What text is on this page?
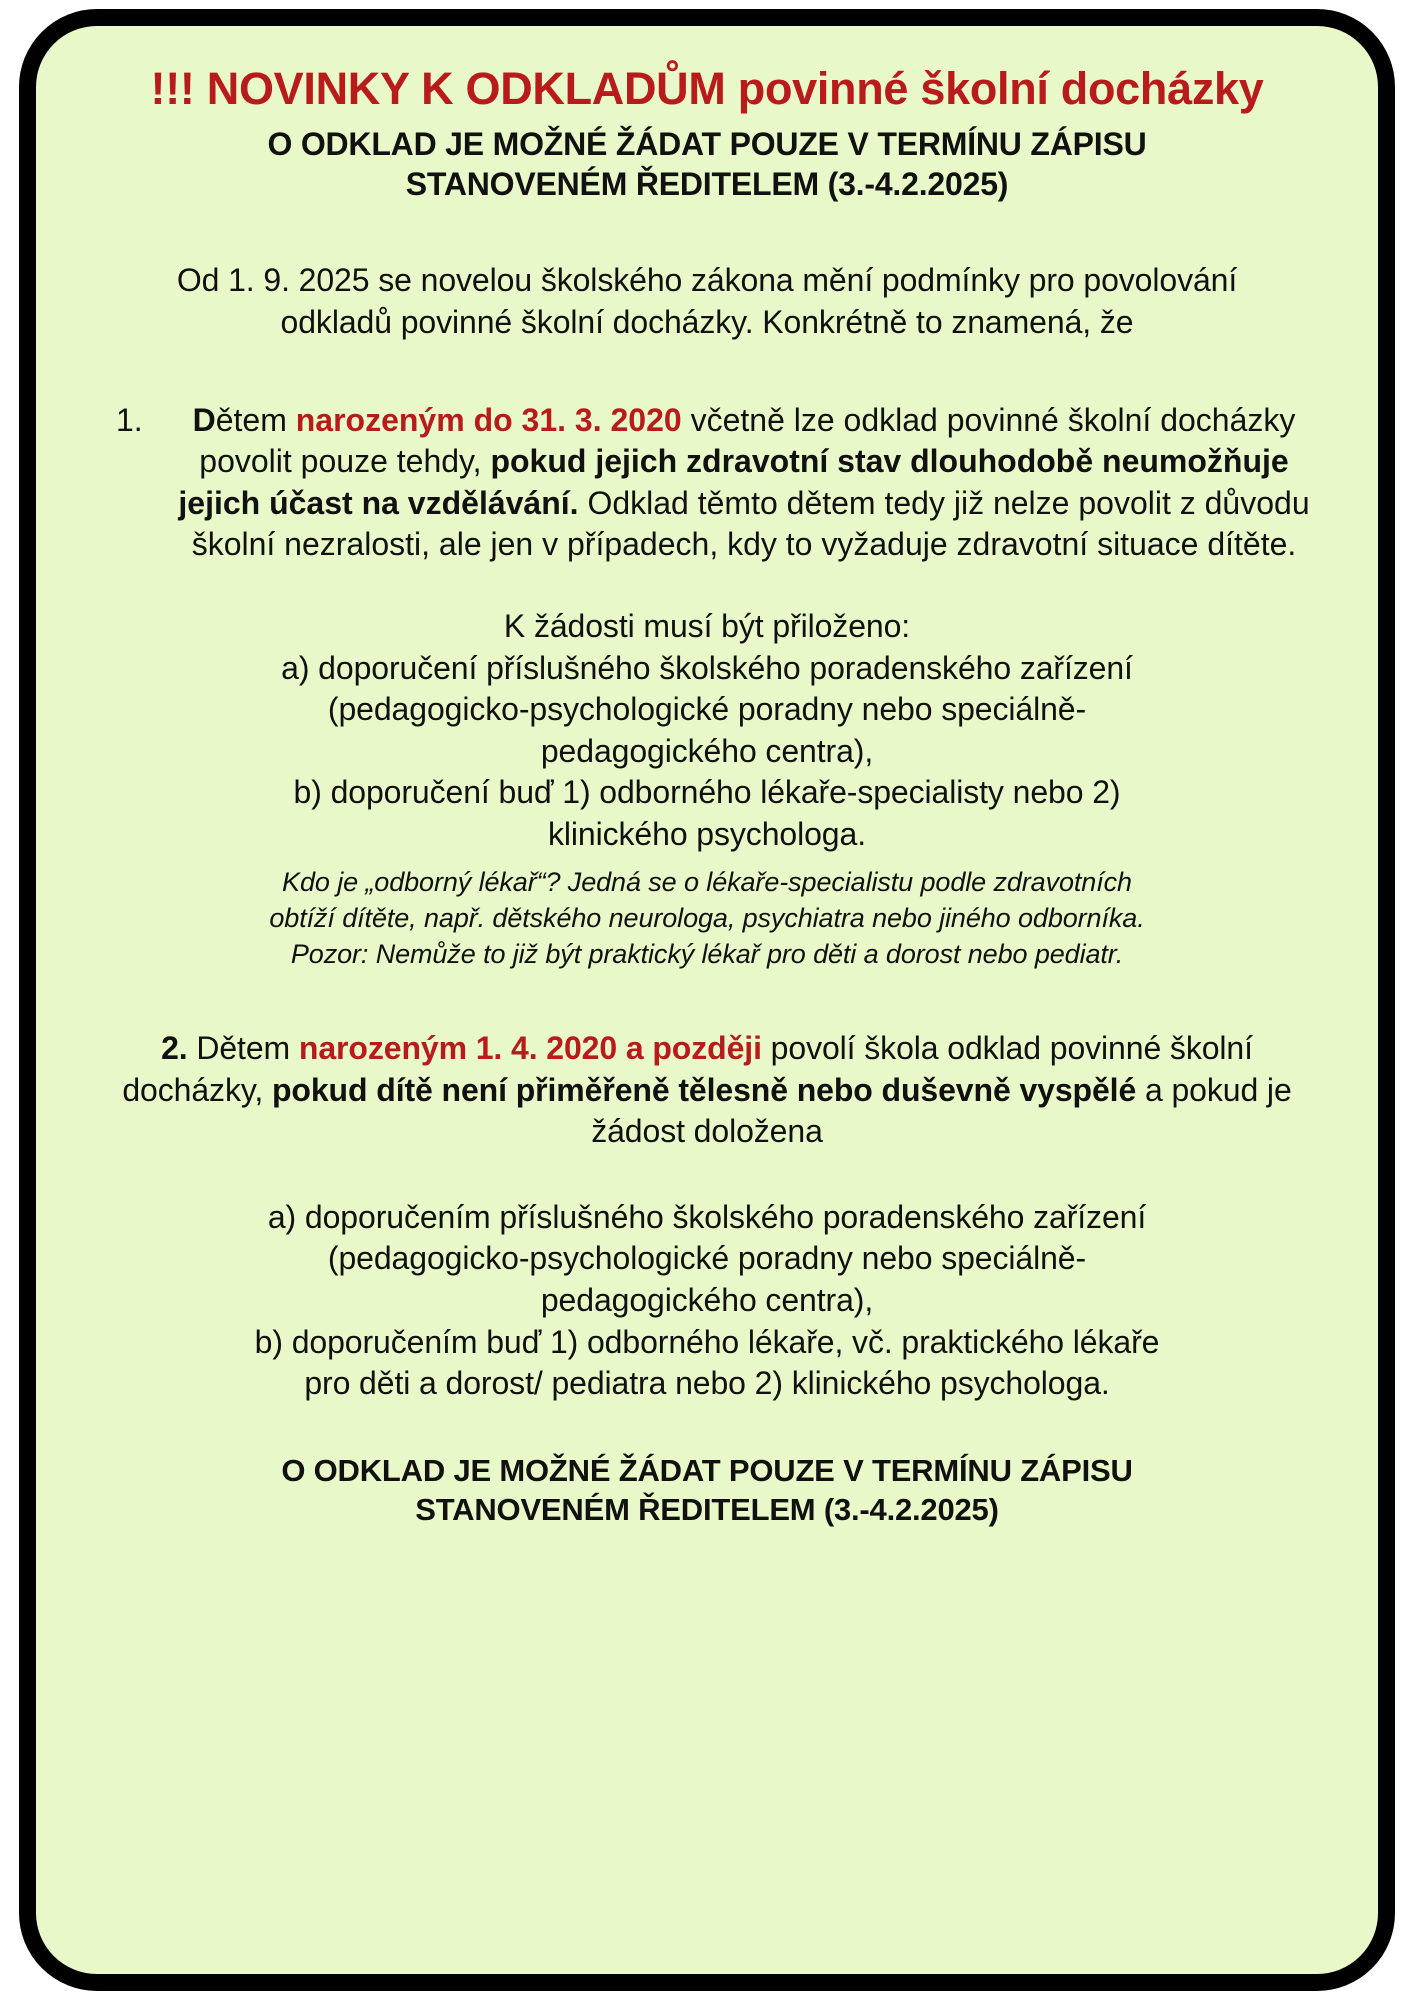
!!! NOVINKY K ODKLADŮM povinné školní docházky
O ODKLAD JE MOŽNÉ ŽÁDAT POUZE V TERMÍNU ZÁPISU
STANOVENÉM ŘEDITELEM (3.-4.2.2025)
Od 1. 9. 2025 se novelou školského zákona mění podmínky pro povolování odkladů povinné školní docházky. Konkrétně to znamená, že
1.	Dětem narozeným do 31. 3. 2020 včetně lze odklad povinné školní docházky povolit pouze tehdy, pokud jejich zdravotní stav dlouhodobě neumožňuje jejich účast na vzdělávání. Odklad těmto dětem tedy již nelze povolit z důvodu školní nezralosti, ale jen v případech, kdy to vyžaduje zdravotní situace dítěte.
K žádosti musí být přiloženo:
a) doporučení příslušného školského poradenského zařízení
(pedagogicko-psychologické poradny nebo speciálně-
pedagogického centra),
b) doporučení buď 1) odborného lékaře-specialisty nebo 2)
klinického psychologa.
Kdo je „odborný lékař“? Jedná se o lékaře-specialistu podle zdravotních
obtíží dítěte, např. dětského neurologa, psychiatra nebo jiného odborníka.
Pozor: Nemůže to již být praktický lékař pro děti a dorost nebo pediatr.
2. Dětem narozeným 1. 4. 2020 a později povolí škola odklad povinné školní docházky, pokud dítě není přiměřeně tělesně nebo duševně vyspělé a pokud je žádost doložena
a) doporučením příslušného školského poradenského zařízení
(pedagogicko-psychologické poradny nebo speciálně-
pedagogického centra),
b) doporučením buď 1) odborného lékaře, vč. praktického lékaře
pro děti a dorost/ pediatra nebo 2) klinického psychologa.
O ODKLAD JE MOŽNÉ ŽÁDAT POUZE V TERMÍNU ZÁPISU
STANOVENÉM ŘEDITELEM (3.-4.2.2025)
